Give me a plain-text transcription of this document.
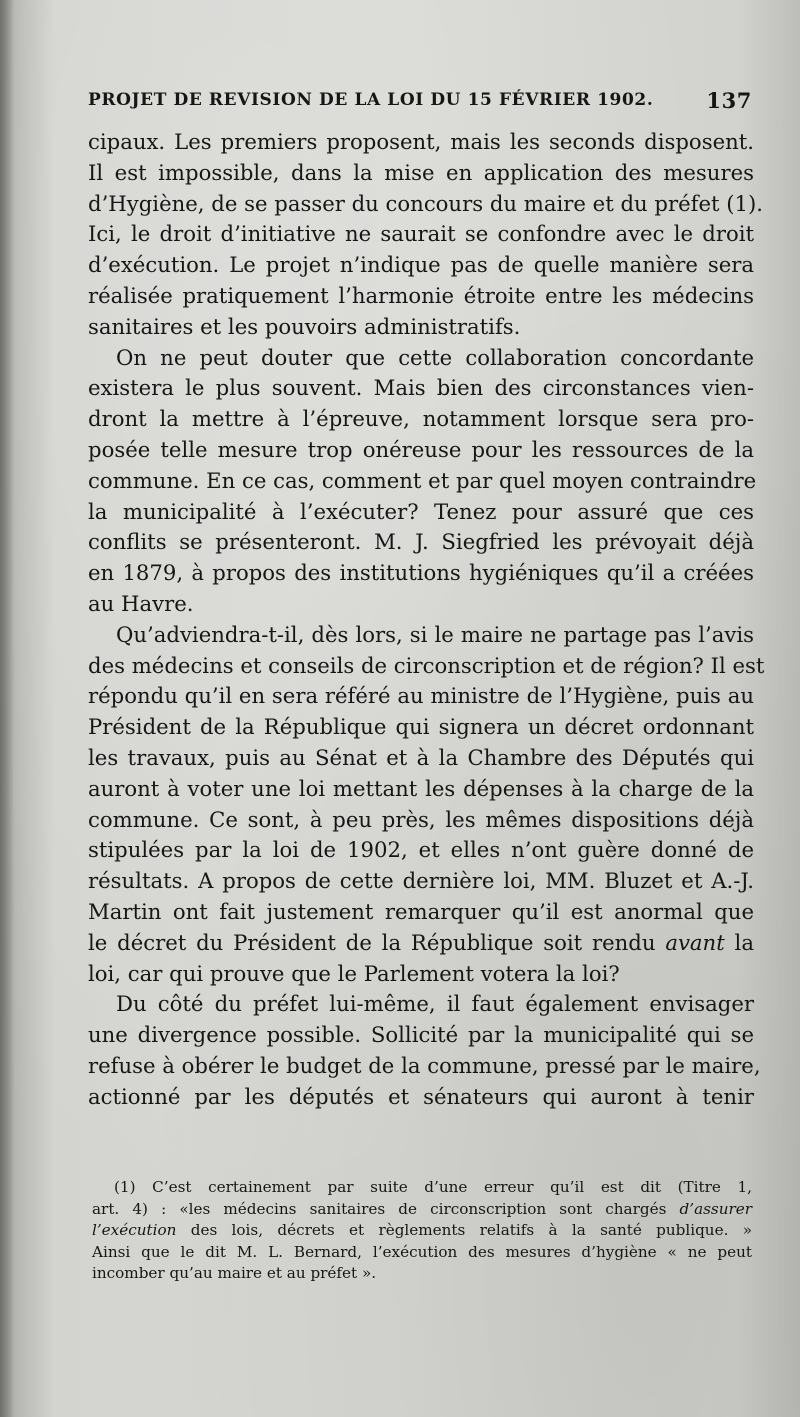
PROJET DE REVISION DE LA LOI DU 15 FÉVRIER 1902.	137
cipaux. Les premiers proposent, mais les seconds disposent.
Il est impossible, dans la mise en application des mesures
d’Hygiène, de se passer du concours du maire et du préfet (1).
Ici, le droit d’initiative ne saurait se confondre avec le droit
d’exécution. Le projet n’indique pas de quelle manière sera
réalisée pratiquement l’harmonie étroite entre les médecins
sanitaires et les pouvoirs administratifs.
On ne peut douter que cette collaboration concordante
existera le plus souvent. Mais bien des circonstances vien-
dront la mettre à l’épreuve, notamment lorsque sera pro-
posée telle mesure trop onéreuse pour les ressources de la
commune. En ce cas, comment et par quel moyen contraindre
la municipalité à l’exécuter? Tenez pour assuré que ces
conflits se présenteront. M. J. Siegfried les prévoyait déjà
en 1879, à propos des institutions hygiéniques qu’il a créées
au Havre.
Qu’adviendra-t-il, dès lors, si le maire ne partage pas l’avis
des médecins et conseils de circonscription et de région? Il est
répondu qu’il en sera référé au ministre de l’Hygiène, puis au
Président de la République qui signera un décret ordonnant
les travaux, puis au Sénat et à la Chambre des Députés qui
auront à voter une loi mettant les dépenses à la charge de la
commune. Ce sont, à peu près, les mêmes dispositions déjà
stipulées par la loi de 1902, et elles n’ont guère donné de
résultats. A propos de cette dernière loi, MM. Bluzet et A.-J.
Martin ont fait justement remarquer qu’il est anormal que
le décret du Président de la République soit rendu avant la
loi, car qui prouve que le Parlement votera la loi?
Du côté du préfet lui-même, il faut également envisager
une divergence possible. Sollicité par la municipalité qui se
refuse à obérer le budget de la commune, pressé par le maire,
actionné par les députés et sénateurs qui auront à tenir
(1) C’est certainement par suite d’une erreur qu’il est dit (Titre 1,
art. 4) : «les médecins sanitaires de circonscription sont chargés d’assurer
l’exécution des lois, décrets et règlements relatifs à la santé publique. »
Ainsi que le dit M. L. Bernard, l’exécution des mesures d’hygiène « ne peut
incomber qu’au maire et au préfet ».
